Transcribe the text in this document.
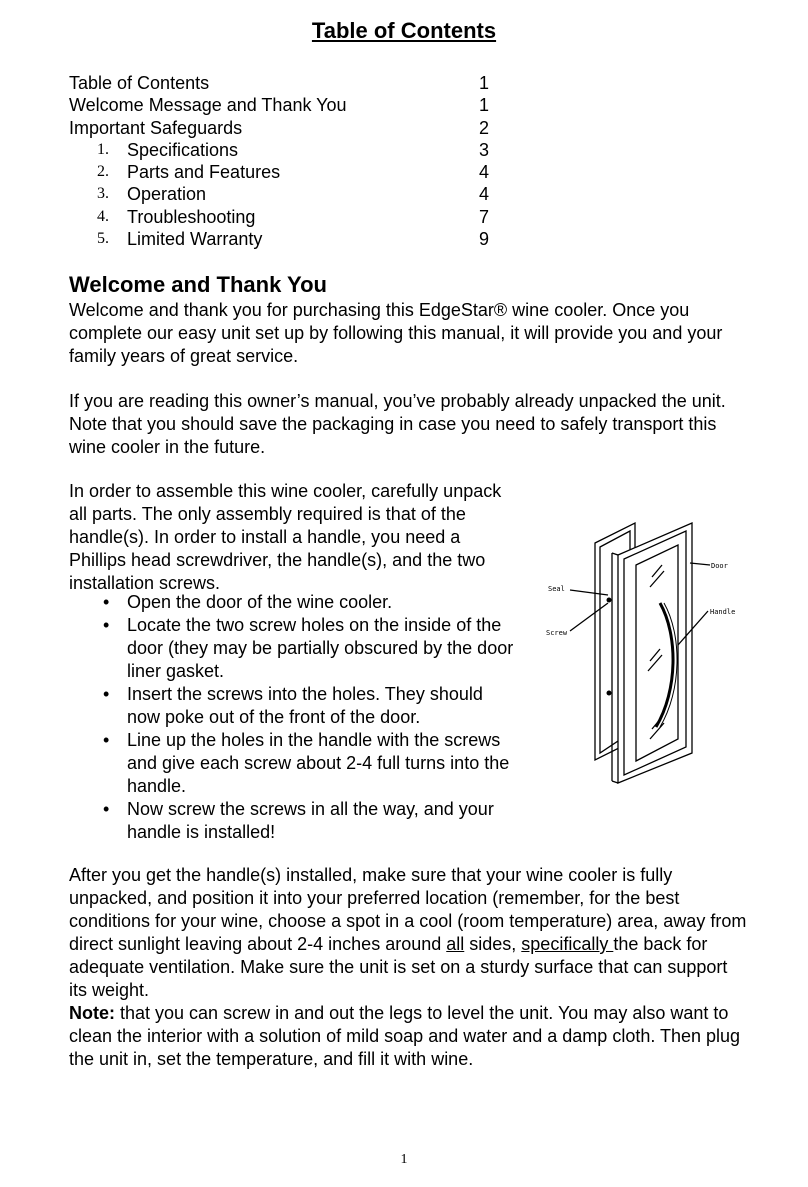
Table of Contents
Table of Contents	1
Welcome Message and Thank You	1
Important Safeguards	2
1. Specifications	3
2. Parts and Features	4
3. Operation	4
4. Troubleshooting	7
5. Limited Warranty	9
Welcome and Thank You

Welcome and thank you for purchasing this EdgeStar® wine cooler. Once you complete our easy unit set up by following this manual, it will provide you and your family years of great service.

If you are reading this owner’s manual, you’ve probably already unpacked the unit. Note that you should save the packaging in case you need to safely transport this wine cooler in the future.

In order to assemble this wine cooler, carefully unpack all parts. The only assembly required is that of the handle(s). In order to install a handle, you need a Phillips head screwdriver, the handle(s), and the two installation screws.

• Open the door of the wine cooler.
• Locate the two screw holes on the inside of the door (they may be partially obscured by the door liner gasket.
• Insert the screws into the holes. They should now poke out of the front of the door.
• Line up the holes in the handle with the screws and give each screw about 2-4 full turns into the handle.
• Now screw the screws in all the way, and your handle is installed!
Seal
Screw
Door
Handle

After you get the handle(s) installed, make sure that your wine cooler is fully unpacked, and position it into your preferred location (remember, for the best conditions for your wine, choose a spot in a cool (room temperature) area, away from direct sunlight leaving about 2-4 inches around all sides, specifically the back for adequate ventilation. Make sure the unit is set on a sturdy surface that can support its weight.
Note: that you can screw in and out the legs to level the unit. You may also want to clean the interior with a solution of mild soap and water and a damp cloth. Then plug the unit in, set the temperature, and fill it with wine.

1
